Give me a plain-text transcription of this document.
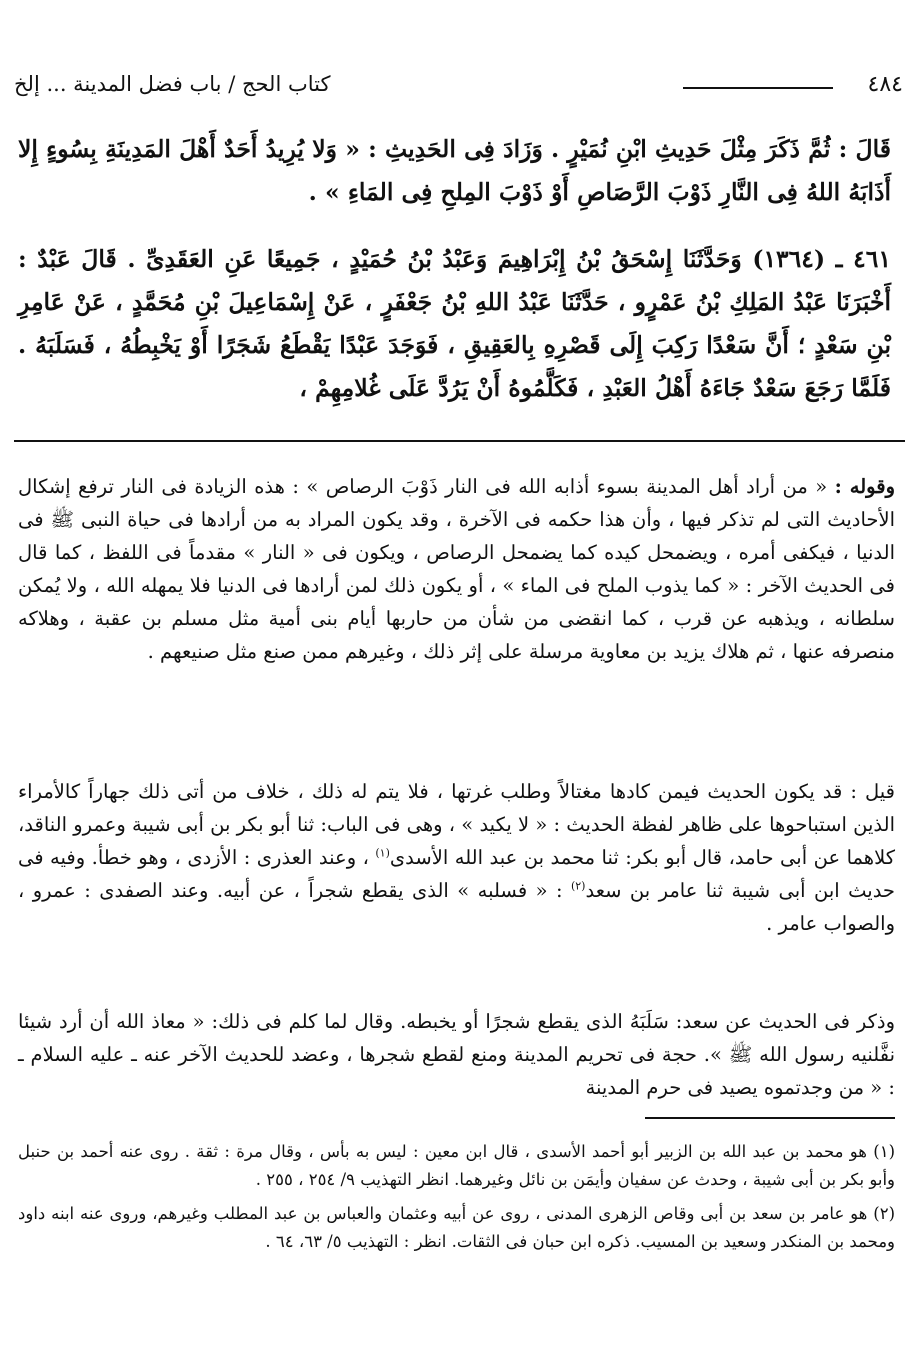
٤٨٤
كتاب الحج / باب فضل المدينة ... إلخ

قَالَ : ثُمَّ ذَكَرَ مِثْلَ حَدِيثِ ابْنِ نُمَيْرٍ . وَزَادَ فِى الحَدِيثِ : « وَلا يُرِيدُ أَحَدٌ أَهْلَ المَدِينَةِ بِسُوءٍ إِلا أَذَابَهُ اللهُ فِى النَّارِ ذَوْبَ الرَّصَاصِ أَوْ ذَوْبَ المِلحِ فِى المَاءِ » .

٤٦١ ـ (١٣٦٤) وَحَدَّثَنَا إِسْحَقُ بْنُ إِبْرَاهِيمَ وَعَبْدُ بْنُ حُمَيْدٍ ، جَمِيعًا عَنِ العَقَدِىِّ . قَالَ عَبْدٌ : أَخْبَرَنَا عَبْدُ المَلِكِ بْنُ عَمْرٍو ، حَدَّثَنَا عَبْدُ اللهِ بْنُ جَعْفَرٍ ، عَنْ إِسْمَاعِيلَ بْنِ مُحَمَّدٍ ، عَنْ عَامِرِ بْنِ سَعْدٍ ؛ أَنَّ سَعْدًا رَكِبَ إِلَى قَصْرِهِ بِالعَقِيقِ ، فَوَجَدَ عَبْدًا يَقْطَعُ شَجَرًا أَوْ يَخْبِطُهُ ، فَسَلَبَهُ . فَلَمَّا رَجَعَ سَعْدٌ جَاءَهُ أَهْلُ العَبْدِ ، فَكَلَّمُوهُ أَنْ يَرُدَّ عَلَى غُلامِهِمْ ،

وقوله : « من أراد أهل المدينة بسوء أذابه الله فى النار ذَوْبَ الرصاص » : هذه الزيادة فى النار ترفع إشكال الأحاديث التى لم تذكر فيها ، وأن هذا حكمه فى الآخرة ، وقد يكون المراد به من أرادها فى حياة النبى ﷺ فى الدنيا ، فيكفى أمره ، ويضمحل كيده كما يضمحل الرصاص ، ويكون فى « النار » مقدماً فى اللفظ ، كما قال فى الحديث الآخر : « كما يذوب الملح فى الماء » ، أو يكون ذلك لمن أرادها فى الدنيا فلا يمهله الله ، ولا يُمكن سلطانه ، ويذهبه عن قرب ، كما انقضى من شأن من حاربها أيام بنى أمية مثل مسلم بن عقبة ، وهلاكه منصرفه عنها ، ثم هلاك يزيد بن معاوية مرسلة على إثر ذلك ، وغيرهم ممن صنع مثل صنيعهم .

قيل : قد يكون الحديث فيمن كادها مغتالاً وطلب غرتها ، فلا يتم له ذلك ، خلاف من أتى ذلك جهاراً كالأمراء الذين استباحوها على ظاهر لفظة الحديث : « لا يكيد » ، وهى فى الباب: ثنا أبو بكر بن أبى شيبة وعمرو الناقد، كلاهما عن أبى حامد، قال أبو بكر: ثنا محمد بن عبد الله الأسدى$^{(١)}$ ، وعند العذرى : الأزدى ، وهو خطأ. وفيه فى حديث ابن أبى شيبة ثنا عامر بن سعد$^{(٢)}$ : « فسلبه » الذى يقطع شجراً ، عن أبيه. وعند الصفدى : عمرو ، والصواب عامر .

وذكر فى الحديث عن سعد: سَلَبَهُ الذى يقطع شجرًا أو يخبطه. وقال لما كلم فى ذلك: « معاذ الله أن أرد شيئا نفَّلنيه رسول الله ﷺ ». حجة فى تحريم المدينة ومنع لقطع شجرها ، وعضد للحديث الآخر عنه ـ عليه السلام ـ : « من وجدتموه يصيد فى حرم المدينة

(١) هو محمد بن عبد الله بن الزبير أبو أحمد الأسدى ، قال ابن معين : ليس به بأس ، وقال مرة : ثقة . روى عنه أحمد بن حنبل وأبو بكر بن أبى شيبة ، وحدث عن سفيان وأيمَن بن نائل وغيرهما. انظر التهذيب ٩/ ٢٥٤ ، ٢٥٥ .

(٢) هو عامر بن سعد بن أبى وقاص الزهرى المدنى ، روى عن أبيه وعثمان والعباس بن عبد المطلب وغيرهم، وروى عنه ابنه داود ومحمد بن المنكدر وسعيد بن المسيب. ذكره ابن حبان فى الثقات. انظر : التهذيب ٥/ ٦٣، ٦٤ .
